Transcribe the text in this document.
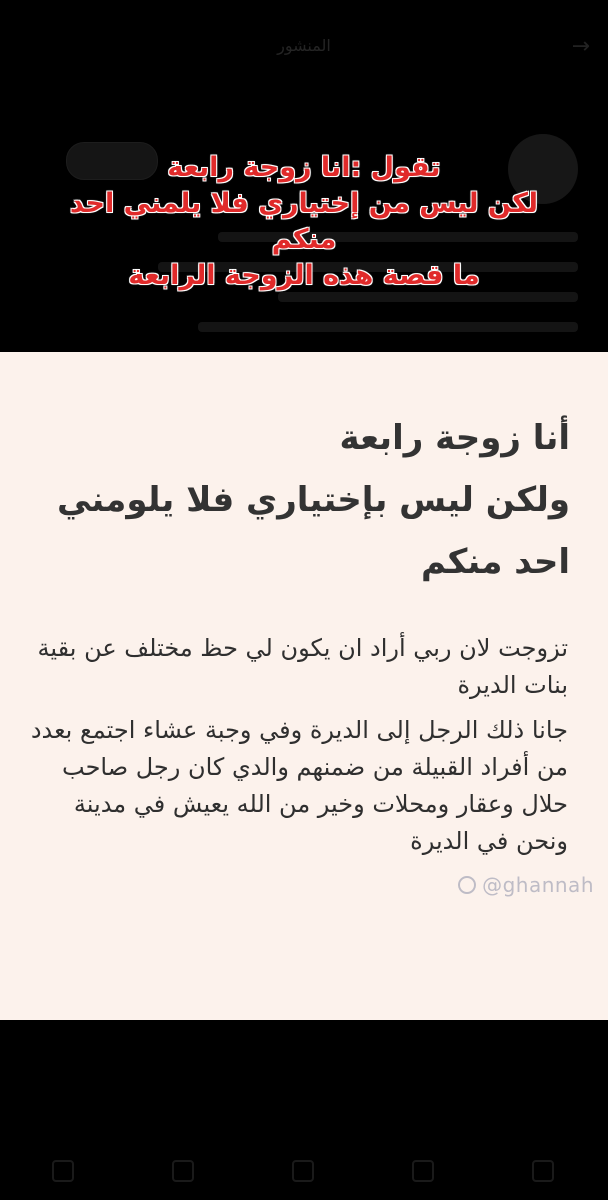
→
المنشور
تقول :انا زوجة رابعة
لكن ليس من إختياري فلا يلمني احد
منكم
ما قصة هذه الزوجة الرابعة
أنا زوجة رابعة
ولكن ليس بإختياري فلا يلومني
احد منكم
تزوجت لان ربي أراد ان يكون لي حظ مختلف عن بقية بنات الديرة
جانا ذلك الرجل إلى الديرة وفي وجبة عشاء اجتمع بعدد من أفراد القبيلة من ضمنهم والدي كان رجل صاحب حلال وعقار ومحلات وخير من الله يعيش في مدينة ونحن في الديرة
@ghannah
